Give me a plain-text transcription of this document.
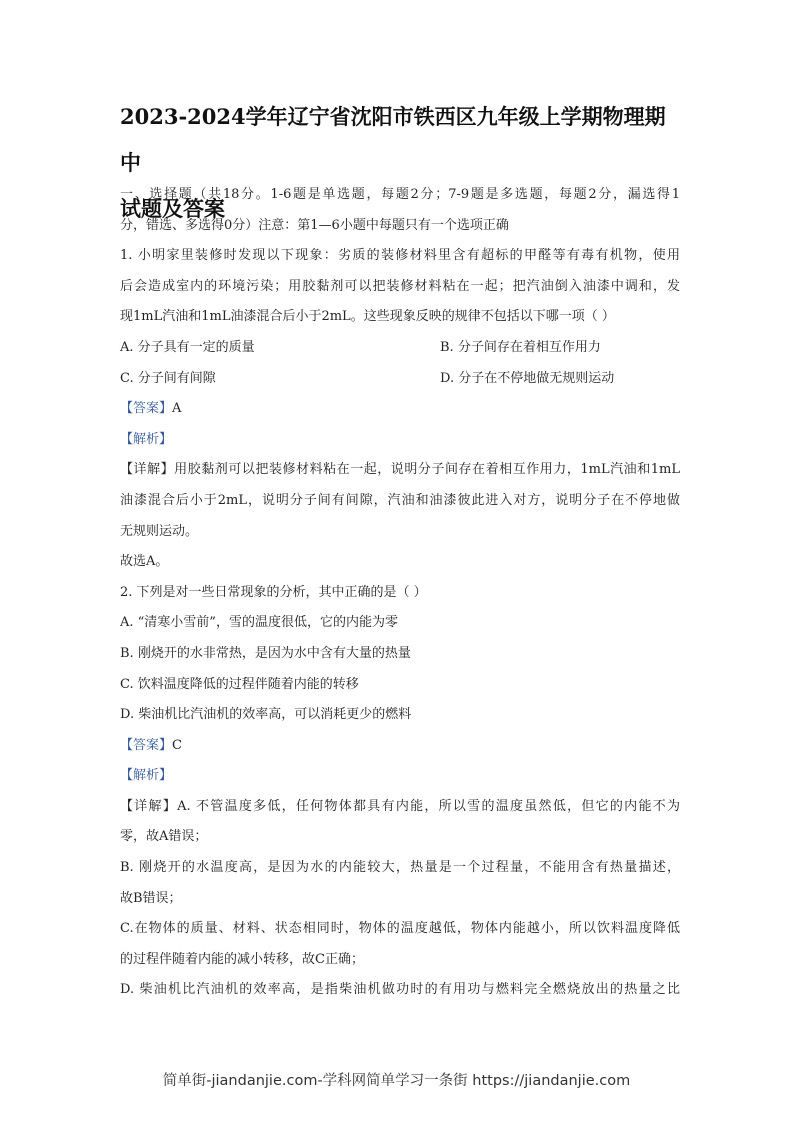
2023-2024学年辽宁省沈阳市铁西区九年级上学期物理期中
试题及答案
一、选择题（共18分。1-6题是单选题，每题2分；7-9题是多选题，每题2分，漏选得1
分，错选、多选得0分）注意：第1—6小题中每题只有一个选项正确
1. 小明家里装修时发现以下现象：劣质的装修材料里含有超标的甲醛等有毒有机物，使用
后会造成室内的环境污染；用胶黏剂可以把装修材料粘在一起；把汽油倒入油漆中调和，发
现1mL汽油和1mL油漆混合后小于2mL。这些现象反映的规律不包括以下哪一项（ ）
A. 分子具有一定的质量	B. 分子间存在着相互作用力
C. 分子间有间隙	D. 分子在不停地做无规则运动
【答案】A
【解析】
【详解】用胶黏剂可以把装修材料粘在一起，说明分子间存在着相互作用力，1mL汽油和1mL
油漆混合后小于2mL，说明分子间有间隙，汽油和油漆彼此进入对方，说明分子在不停地做
无规则运动。
故选A。
2. 下列是对一些日常现象的分析，其中正确的是（ ）
A. “清寒小雪前”，雪的温度很低，它的内能为零
B. 刚烧开的水非常热，是因为水中含有大量的热量
C. 饮料温度降低的过程伴随着内能的转移
D. 柴油机比汽油机的效率高，可以消耗更少的燃料
【答案】C
【解析】
【详解】A. 不管温度多低，任何物体都具有内能，所以雪的温度虽然低，但它的内能不为
零，故A错误；
B. 刚烧开的水温度高，是因为水的内能较大，热量是一个过程量，不能用含有热量描述，
故B错误；
C.在物体的质量、材料、状态相同时，物体的温度越低，物体内能越小，所以饮料温度降低
的过程伴随着内能的减小转移，故C正确；
D. 柴油机比汽油机的效率高，是指柴油机做功时的有用功与燃料完全燃烧放出的热量之比
简单街-jiandanjie.com-学科网简单学习一条街 https://jiandanjie.com
